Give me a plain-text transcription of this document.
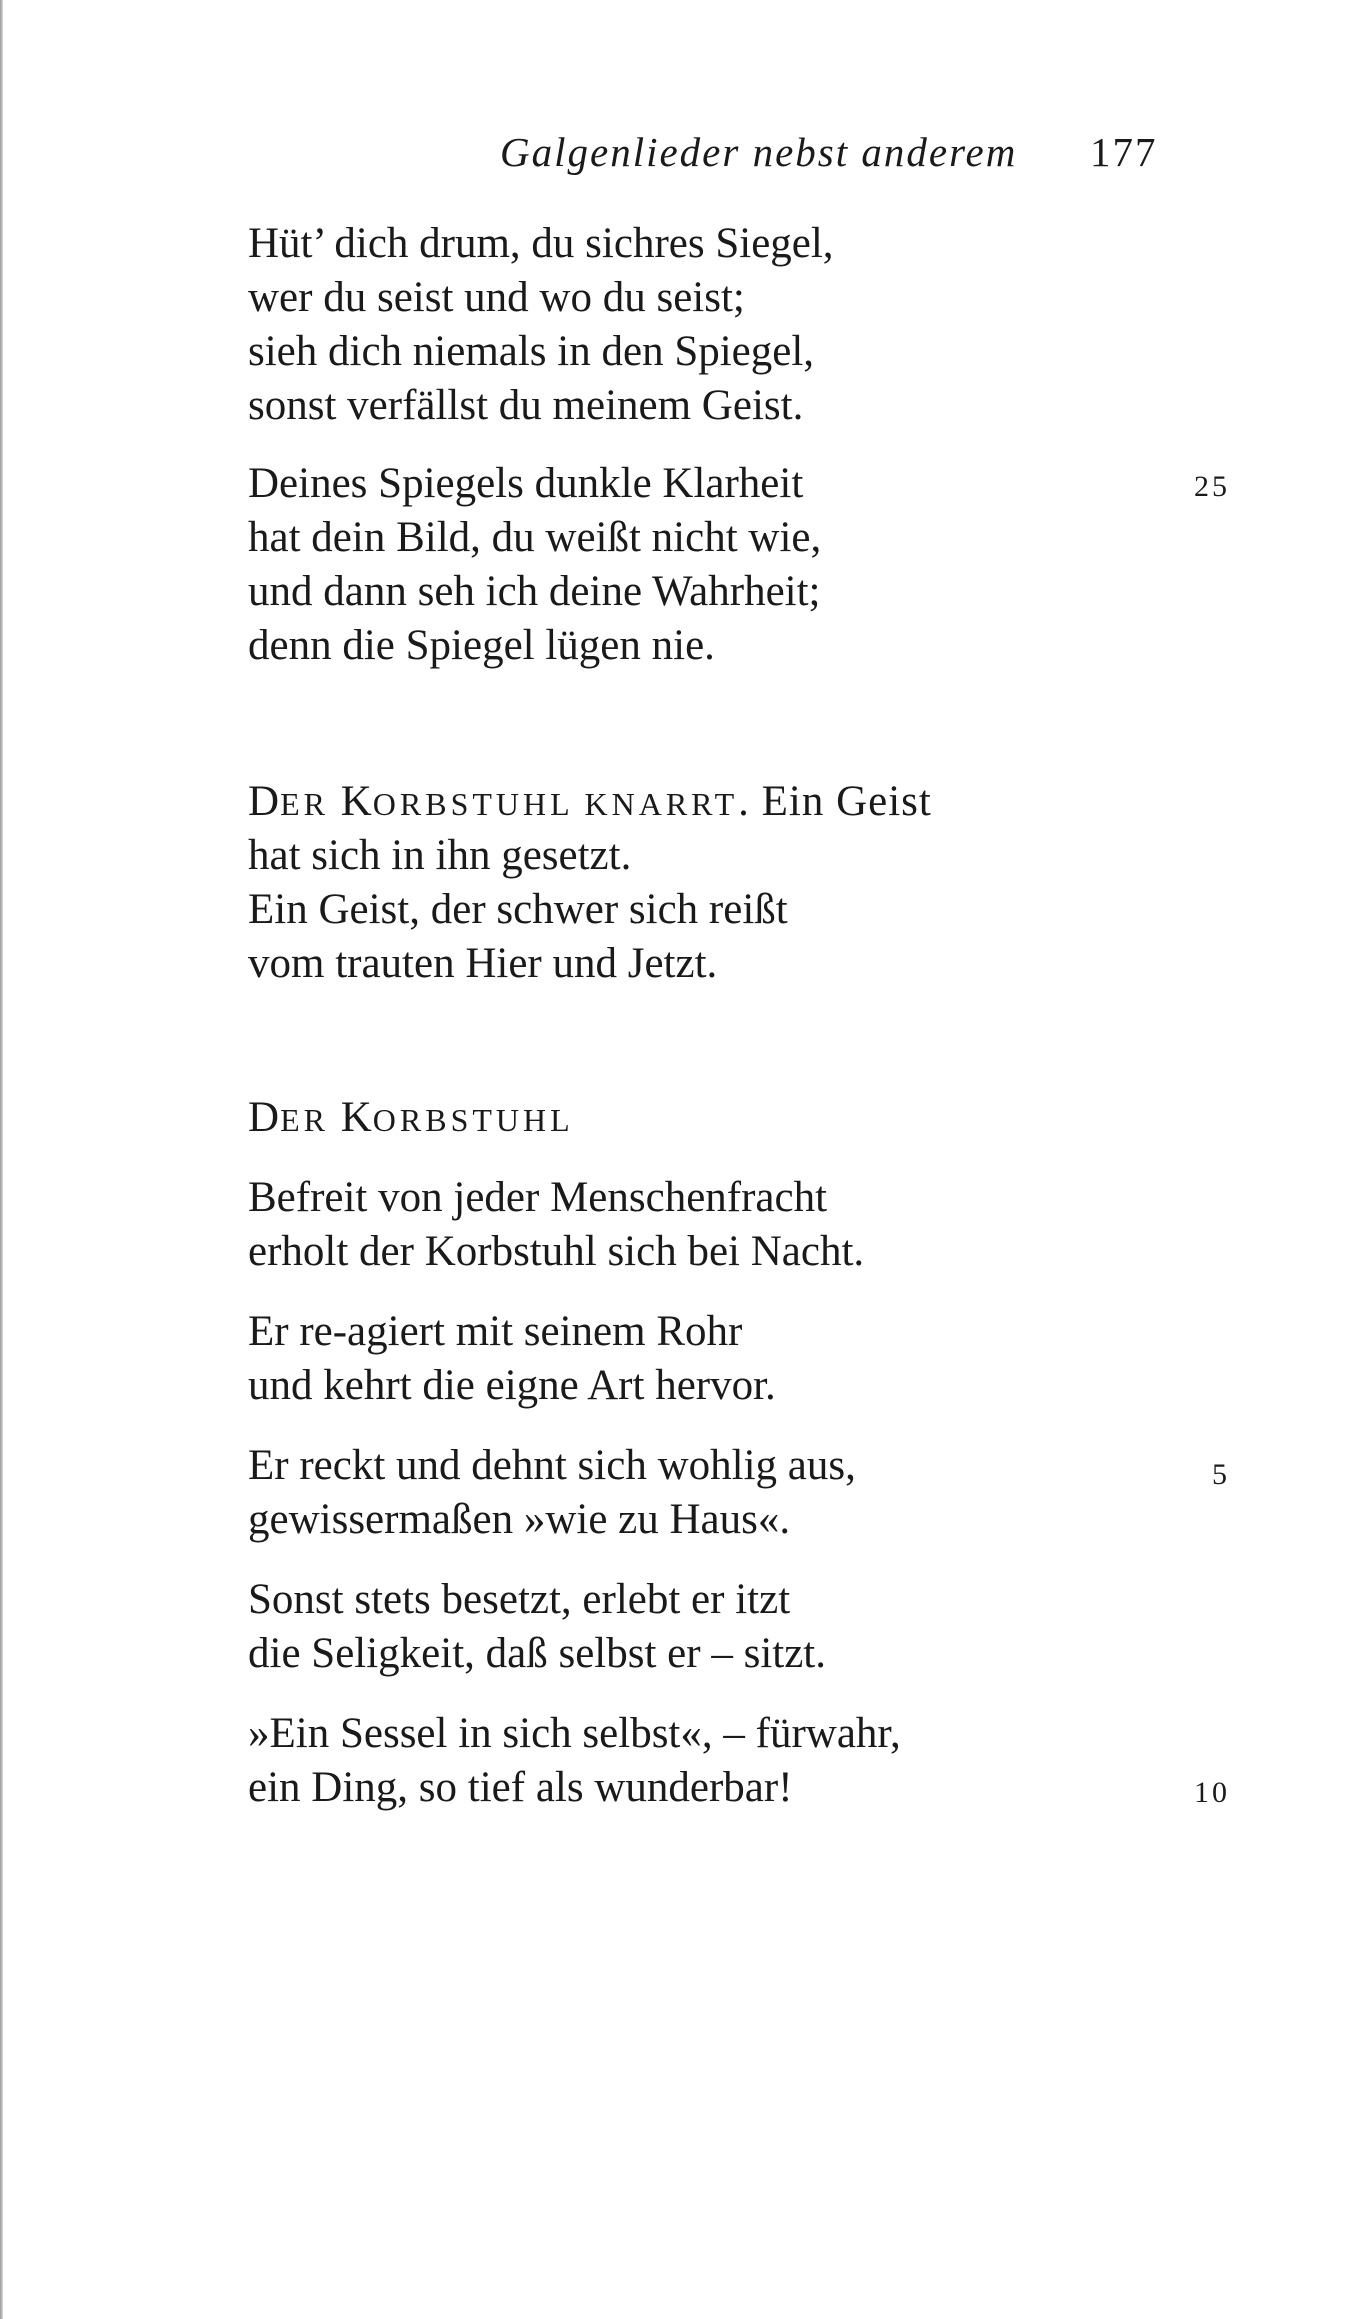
Galgenlieder nebst anderem 177
Hüt’ dich drum, du sichres Siegel,
wer du seist und wo du seist;
sieh dich niemals in den Spiegel,
sonst verfällst du meinem Geist.
Deines Spiegels dunkle Klarheit	25
hat dein Bild, du weißt nicht wie,
und dann seh ich deine Wahrheit;
denn die Spiegel lügen nie.
DER KORBSTUHL KNARRT. Ein Geist
hat sich in ihn gesetzt.
Ein Geist, der schwer sich reißt
vom trauten Hier und Jetzt.
DER KORBSTUHL
Befreit von jeder Menschenfracht
erholt der Korbstuhl sich bei Nacht.
Er re-agiert mit seinem Rohr
und kehrt die eigne Art hervor.
Er reckt und dehnt sich wohlig aus,	5
gewissermaßen »wie zu Haus«.
Sonst stets besetzt, erlebt er itzt
die Seligkeit, daß selbst er – sitzt.
»Ein Sessel in sich selbst«, – fürwahr,
ein Ding, so tief als wunderbar!	10
